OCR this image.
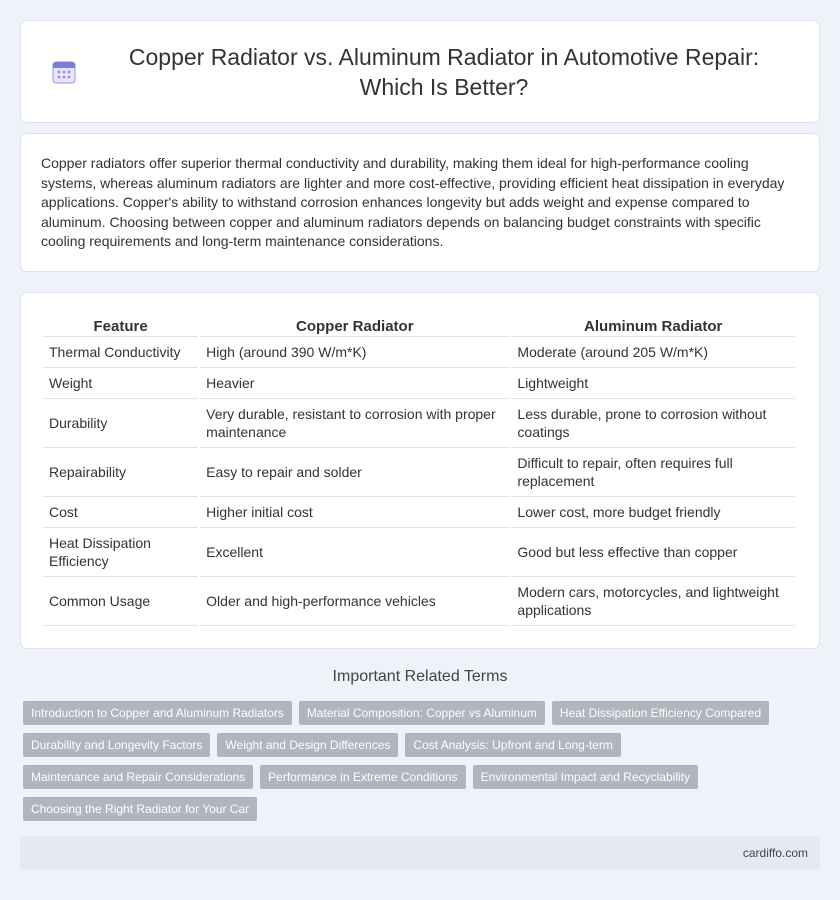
Copper Radiator vs. Aluminum Radiator in Automotive Repair: Which Is Better?

Copper radiators offer superior thermal conductivity and durability, making them ideal for high-performance cooling systems, whereas aluminum radiators are lighter and more cost-effective, providing efficient heat dissipation in everyday applications. Copper's ability to withstand corrosion enhances longevity but adds weight and expense compared to aluminum. Choosing between copper and aluminum radiators depends on balancing budget constraints with specific cooling requirements and long-term maintenance considerations.

Feature	Copper Radiator	Aluminum Radiator
Thermal Conductivity	High (around 390 W/m*K)	Moderate (around 205 W/m*K)
Weight	Heavier	Lightweight
Durability	Very durable, resistant to corrosion with proper maintenance	Less durable, prone to corrosion without coatings
Repairability	Easy to repair and solder	Difficult to repair, often requires full replacement
Cost	Higher initial cost	Lower cost, more budget friendly
Heat Dissipation Efficiency	Excellent	Good but less effective than copper
Common Usage	Older and high-performance vehicles	Modern cars, motorcycles, and lightweight applications
Important Related Terms
Introduction to Copper and Aluminum Radiators	Material Composition: Copper vs Aluminum	Heat Dissipation Efficiency Compared
Durability and Longevity Factors	Weight and Design Differences	Cost Analysis: Upfront and Long-term
Maintenance and Repair Considerations	Performance in Extreme Conditions	Environmental Impact and Recyclability
Choosing the Right Radiator for Your Car
cardiffo.com
